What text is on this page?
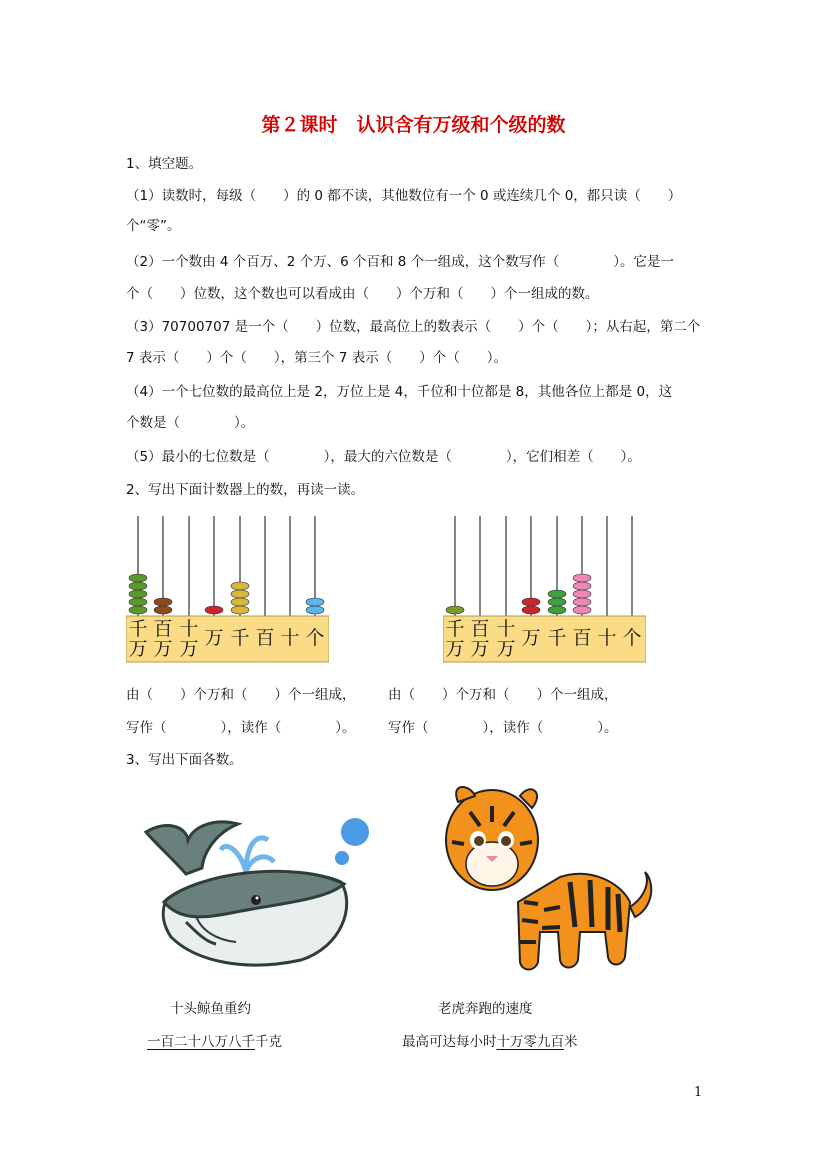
第２课时　认识含有万级和个级的数
1、填空题。
（1）读数时，每级（　　）的 0 都不读，其他数位有一个 0 或连续几个 0，都只读（　　）
个“零”。
（2）一个数由 4 个百万、2 个万、6 个百和 8 个一组成，这个数写作（　　　　）。它是一
个（　　）位数，这个数也可以看成由（　　）个万和（　　）个一组成的数。
（3）70700707 是一个（　　）位数，最高位上的数表示（　　）个（　　）；从右起，第二个
7 表示（　　）个（　　），第三个 7 表示（　　）个（　　）。
（4）一个七位数的最高位上是 2，万位上是 4，千位和十位都是 8，其他各位上都是 0，这
个数是（　　　　）。
（5）最小的七位数是（　　　　），最大的六位数是（　　　　），它们相差（　　）。
2、写出下面计数器上的数，再读一读。
千
万
百
万
十
万 万 千 百 十 个	千
万
百
万
十
万 万 千 百 十 个
由（　　）个万和（　　）个一组成，
写作（　　　　），读作（　　　　）。
由（　　）个万和（　　）个一组成，
写作（　　　　），读作（　　　　）。
3、写出下面各数。
十头鲸鱼重约
一百二十八万八千千克
老虎奔跑的速度
最高可达每小时十万零九百米
1
